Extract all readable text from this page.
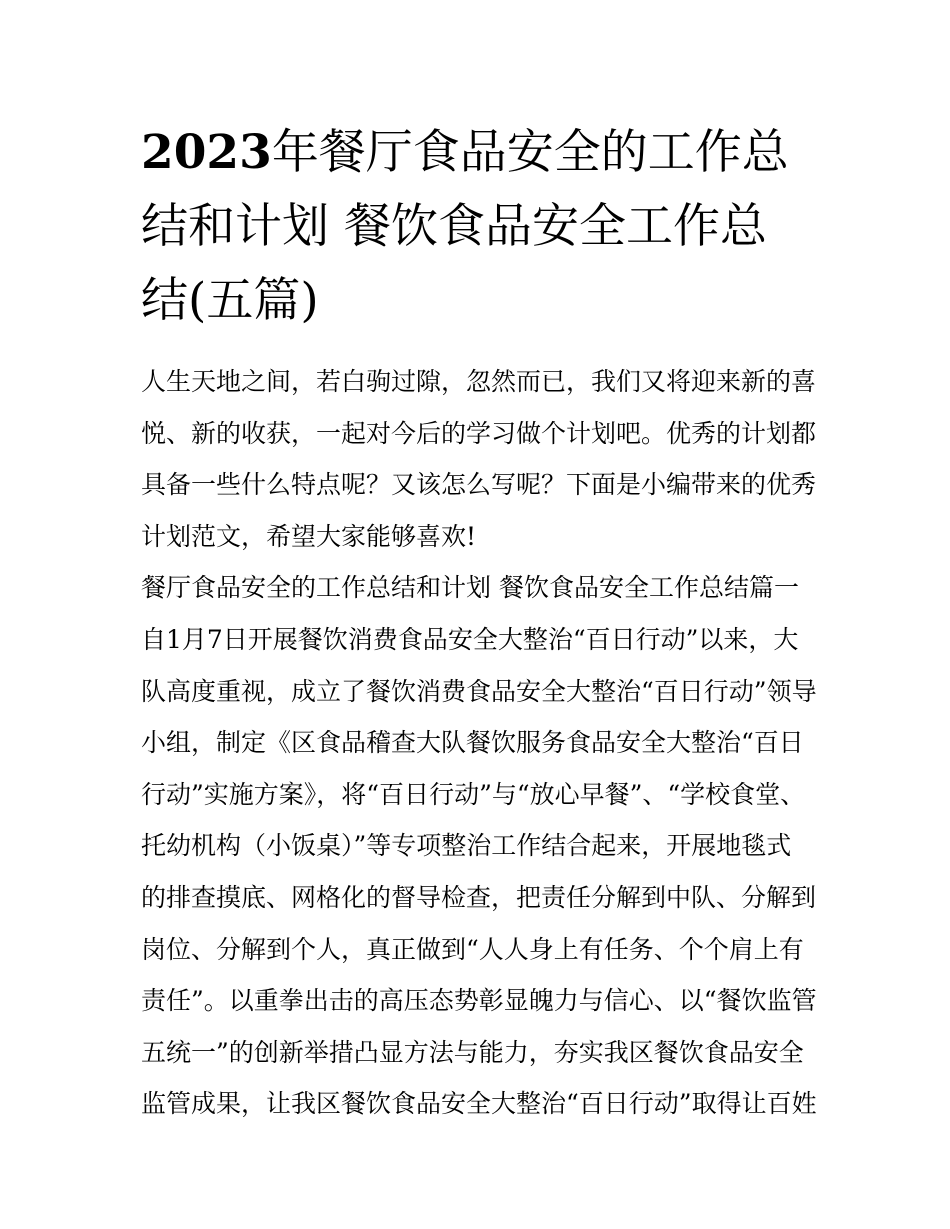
2023年餐厅食品安全的工作总
结和计划 餐饮食品安全工作总
结(五篇)
人生天地之间，若白驹过隙，忽然而已，我们又将迎来新的喜
悦、新的收获，一起对今后的学习做个计划吧。优秀的计划都
具备一些什么特点呢？又该怎么写呢？下面是小编带来的优秀
计划范文，希望大家能够喜欢!
餐厅食品安全的工作总结和计划 餐饮食品安全工作总结篇一
自1月7日开展餐饮消费食品安全大整治“百日行动”以来，大
队高度重视，成立了餐饮消费食品安全大整治“百日行动”领导
小组，制定《区食品稽查大队餐饮服务食品安全大整治“百日
行动”实施方案》，将“百日行动”与“放心早餐”、“学校食堂、
托幼机构（小饭桌）”等专项整治工作结合起来，开展地毯式
的排查摸底、网格化的督导检查，把责任分解到中队、分解到
岗位、分解到个人，真正做到“人人身上有任务、个个肩上有
责任”。以重拳出击的高压态势彰显魄力与信心、以“餐饮监管
五统一”的创新举措凸显方法与能力，夯实我区餐饮食品安全
监管成果，让我区餐饮食品安全大整治“百日行动”取得让百姓
